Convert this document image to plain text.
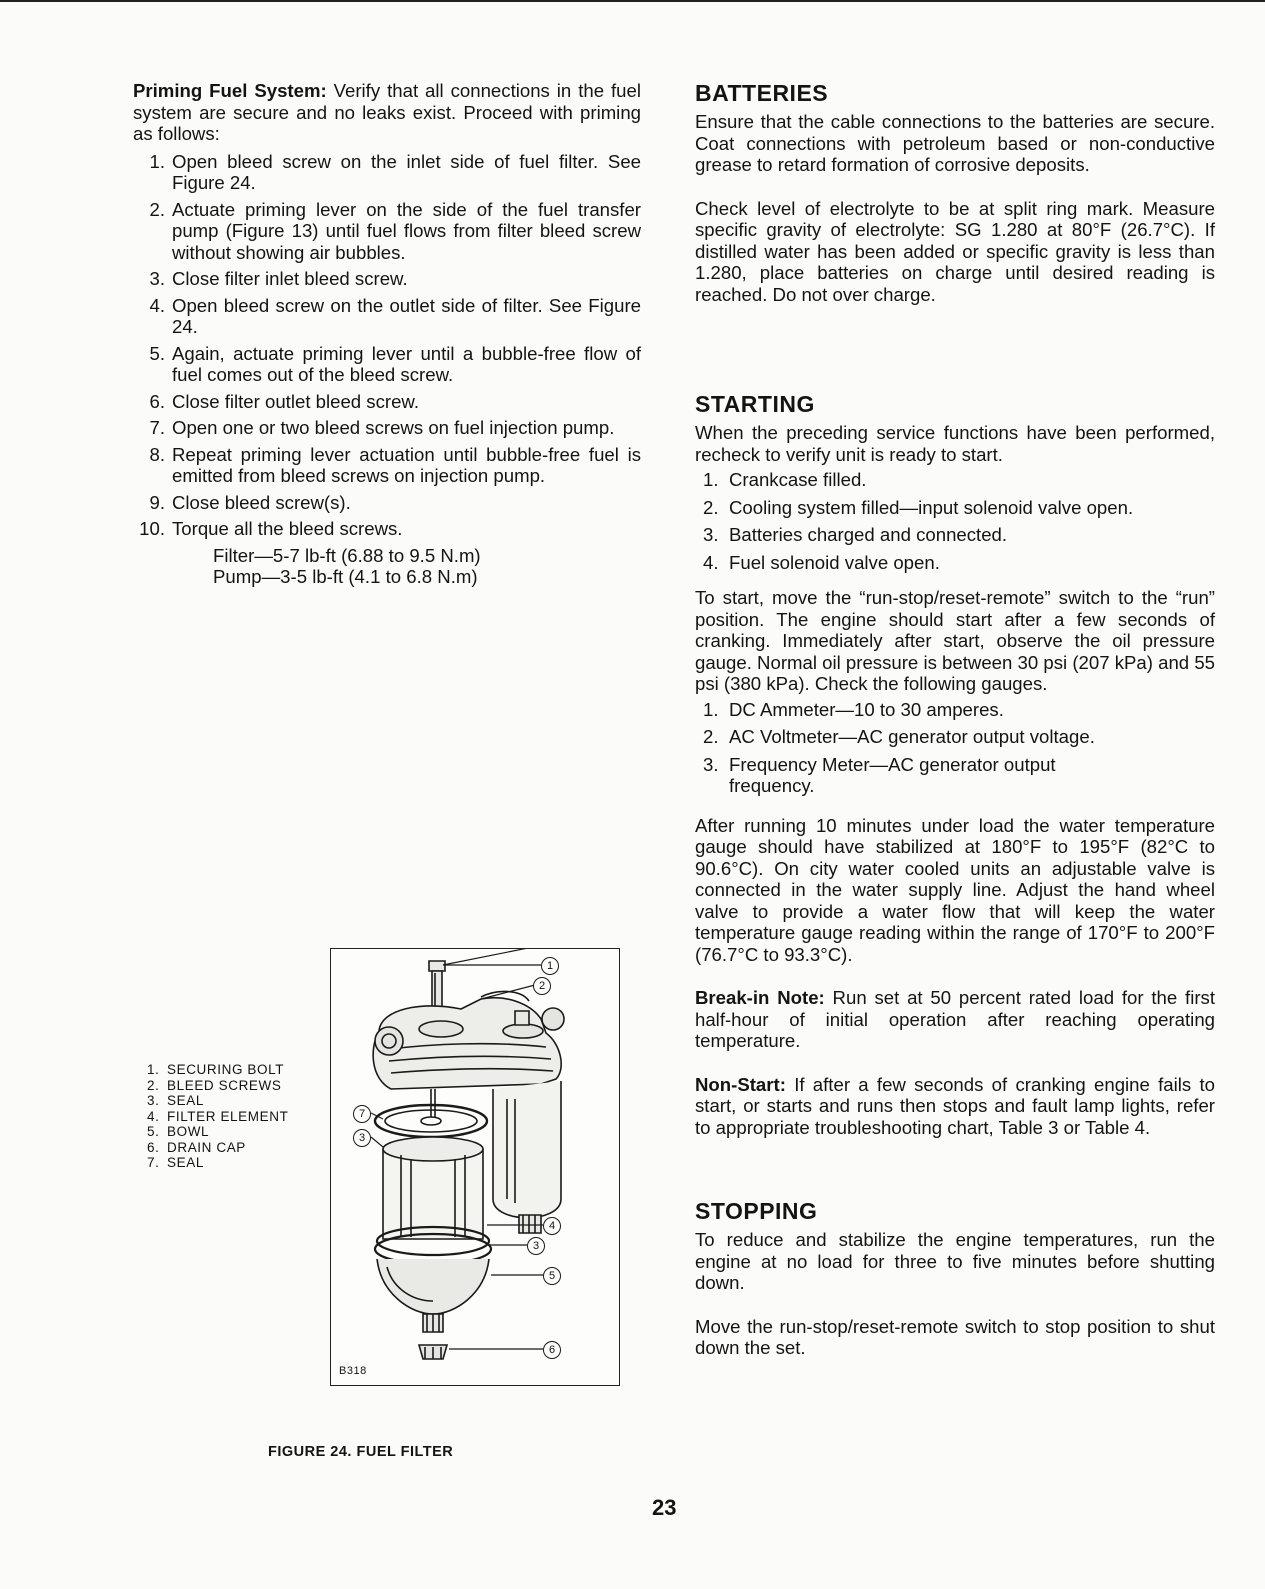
Priming Fuel System: Verify that all connections in the fuel system are secure and no leaks exist. Proceed with priming as follows:

1. Open bleed screw on the inlet side of fuel filter. See Figure 24.
2. Actuate priming lever on the side of the fuel transfer pump (Figure 13) until fuel flows from filter bleed screw without showing air bubbles.
3. Close filter inlet bleed screw.
4. Open bleed screw on the outlet side of filter. See Figure 24.
5. Again, actuate priming lever until a bubble-free flow of fuel comes out of the bleed screw.
6. Close filter outlet bleed screw.
7. Open one or two bleed screws on fuel injection pump.
8. Repeat priming lever actuation until bubble-free fuel is emitted from bleed screws on injection pump.
9. Close bleed screw(s).
10. Torque all the bleed screws.
Filter—5-7 lb-ft (6.88 to 9.5 N.m)
Pump—3-5 lb-ft (4.1 to 6.8 N.m)
1. SECURING BOLT
2. BLEED SCREWS
3. SEAL
4. FILTER ELEMENT
5. BOWL
6. DRAIN CAP
7. SEAL
1
2
7
3
4
3
5
6
B318
FIGURE 24. FUEL FILTER
BATTERIES

Ensure that the cable connections to the batteries are secure. Coat connections with petroleum based or non-conductive grease to retard formation of corrosive deposits.

Check level of electrolyte to be at split ring mark. Measure specific gravity of electrolyte: SG 1.280 at 80°F (26.7°C). If distilled water has been added or specific gravity is less than 1.280, place batteries on charge until desired reading is reached. Do not over charge.

STARTING

When the preceding service functions have been performed, recheck to verify unit is ready to start.

1. Crankcase filled.
2. Cooling system filled—input solenoid valve open.
3. Batteries charged and connected.
4. Fuel solenoid valve open.

To start, move the “run-stop/reset-remote” switch to the “run” position. The engine should start after a few seconds of cranking. Immediately after start, observe the oil pressure gauge. Normal oil pressure is between 30 psi (207 kPa) and 55 psi (380 kPa). Check the following gauges.

1. DC Ammeter—10 to 30 amperes.
2. AC Voltmeter—AC generator output voltage.
3. Frequency Meter—AC generator output frequency.

After running 10 minutes under load the water temperature gauge should have stabilized at 180°F to 195°F (82°C to 90.6°C). On city water cooled units an adjustable valve is connected in the water supply line. Adjust the hand wheel valve to provide a water flow that will keep the water temperature gauge reading within the range of 170°F to 200°F (76.7°C to 93.3°C).

Break-in Note: Run set at 50 percent rated load for the first half-hour of initial operation after reaching operating temperature.

Non-Start: If after a few seconds of cranking engine fails to start, or starts and runs then stops and fault lamp lights, refer to appropriate troubleshooting chart, Table 3 or Table 4.

STOPPING

To reduce and stabilize the engine temperatures, run the engine at no load for three to five minutes before shutting down.

Move the run-stop/reset-remote switch to stop position to shut down the set.

23
